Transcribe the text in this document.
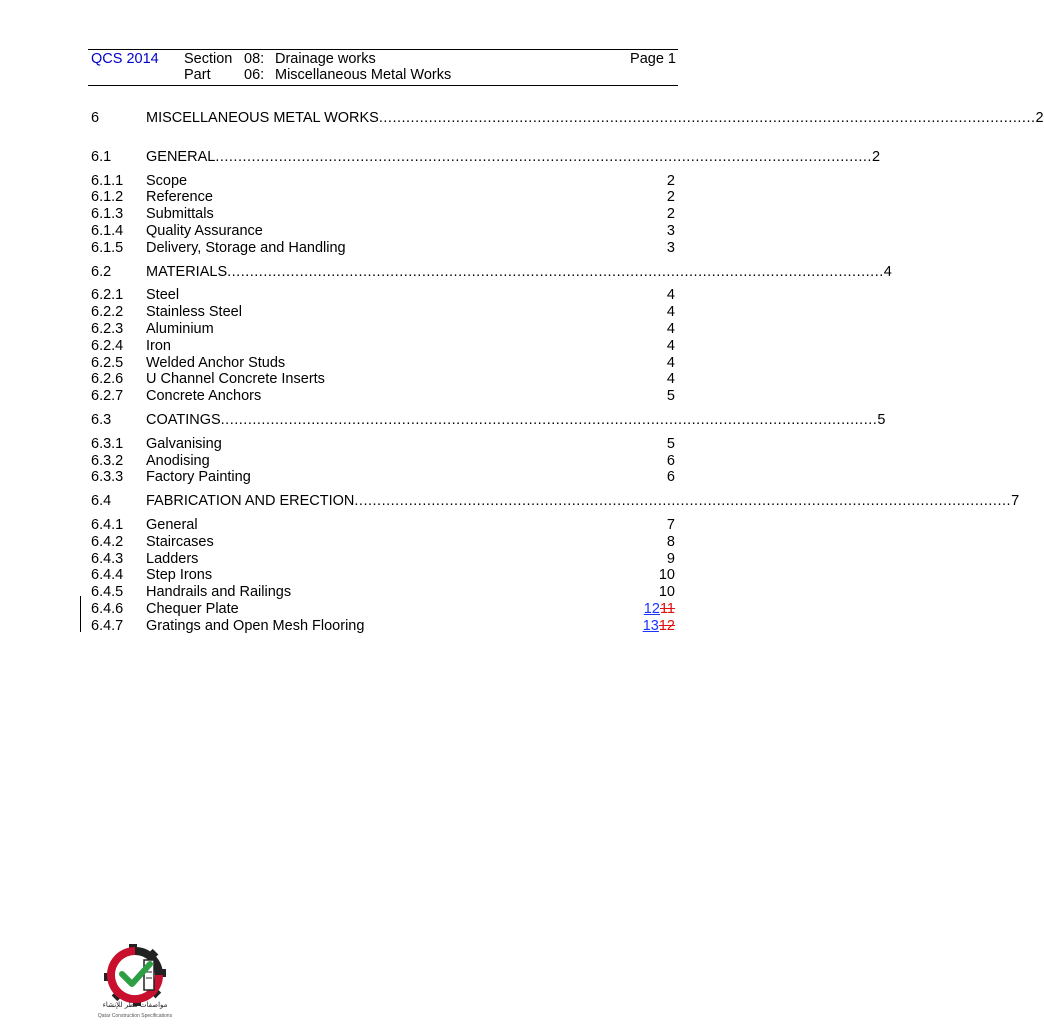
QCS 2014 Section 08: Drainage works	Page 1
Part 06: Miscellaneous Metal Works
6	MISCELLANEOUS METAL WORKS ................................................................................................................................................. 2
6.1 GENERAL ................................................................................................................................................. 2
6.1.1 Scope	2
6.1.2 Reference	2
6.1.3 Submittals	2
6.1.4 Quality Assurance	3
6.1.5 Delivery, Storage and Handling	3
6.2 MATERIALS ................................................................................................................................................. 4
6.2.1 Steel	4
6.2.2 Stainless Steel	4
6.2.3 Aluminium	4
6.2.4 Iron	4
6.2.5 Welded Anchor Studs	4
6.2.6 U Channel Concrete Inserts	4
6.2.7 Concrete Anchors	5
6.3 COATINGS ................................................................................................................................................. 5
6.3.1 Galvanising	5
6.3.2 Anodising	6
6.3.3 Factory Painting	6
6.4 FABRICATION AND ERECTION ................................................................................................................................................. 7
6.4.1 General	7
6.4.2 Staircases	8
6.4.3 Ladders	9
6.4.4 Step Irons	10
6.4.5 Handrails and Railings	10
6.4.6 Chequer Plate	1211
6.4.7 Gratings and Open Mesh Flooring	1312
مواصفات قطر للإنشاء
Qatar Construction Specifications
